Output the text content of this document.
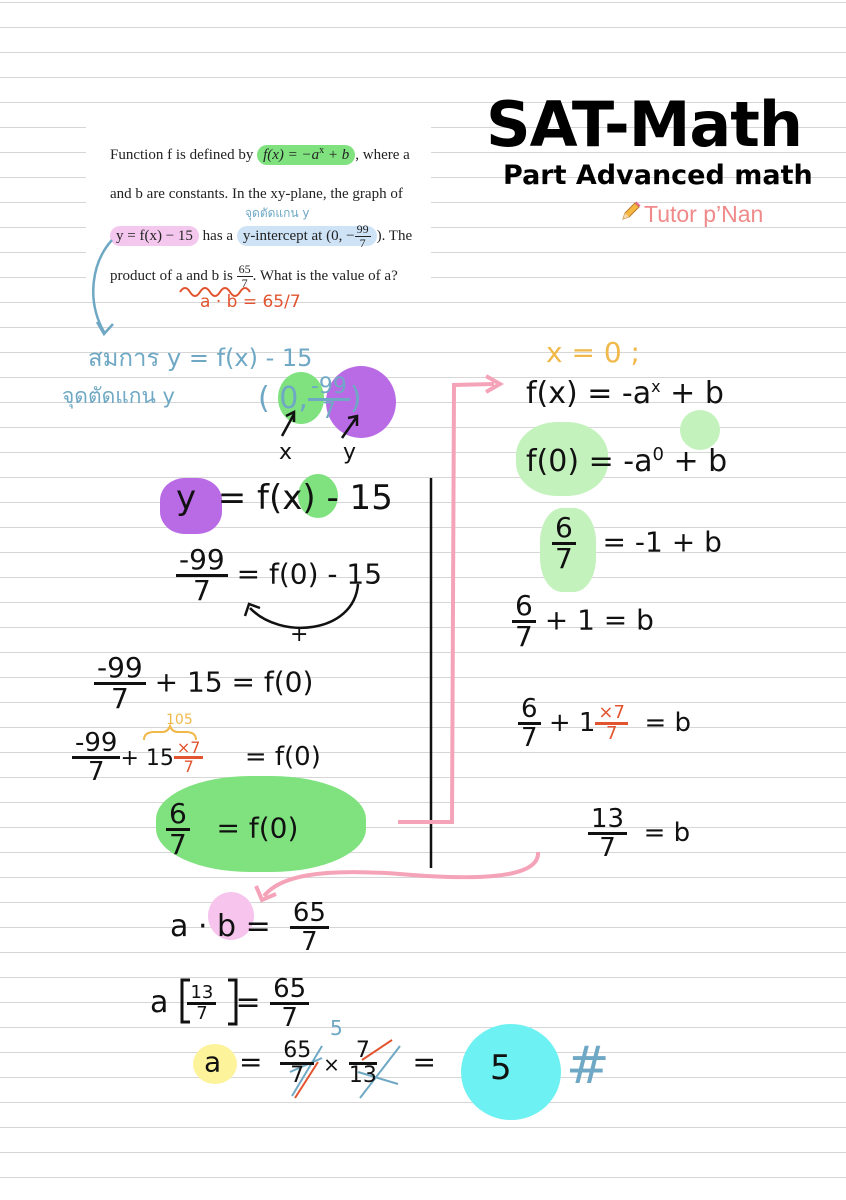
SAT-Math
Part Advanced math
Tutor p’Nan
Function f is defined by $f(x) = -a^x + b$ , where a
and b are constants. In the xy-plane, the graph of
y = f(x) − 15 has a y-intercept at (0, − $\frac{99}{7}$ ). The
product of a and b is $\frac{65}{7}$ . What is the value of a?
จุดตัดแกน y
a · b = 65/7
สมการ y = f(x) - 15
จุดตัดแกน y	( 0, $\frac{-99}{7}$ )
x y
y = f(x) - 15
$\frac{-99}{7} = f(0) - 15$
+
$\frac{-99}{7} + 15 = f(0)$
105
$\frac{-99}{7} + 15 \frac{\times 7}{7} = f(0)$
$\frac{6}{7} = f(0)$
x = 0 ;
$f(x) = -a^x + b$
$f(0) = -a^0 + b$
$\frac{6}{7} = -1 + b$
$\frac{6}{7} + 1 = b$
$\frac{6}{7} + 1 \frac{\times 7}{7} = b$
$\frac{13}{7} = b$
$a \cdot b = \frac{65}{7}$
a $\frac{13}{7} = \frac{65}{7} 5$
$a = \frac{65}{7} \times \frac{7}{13} = 5$ #
